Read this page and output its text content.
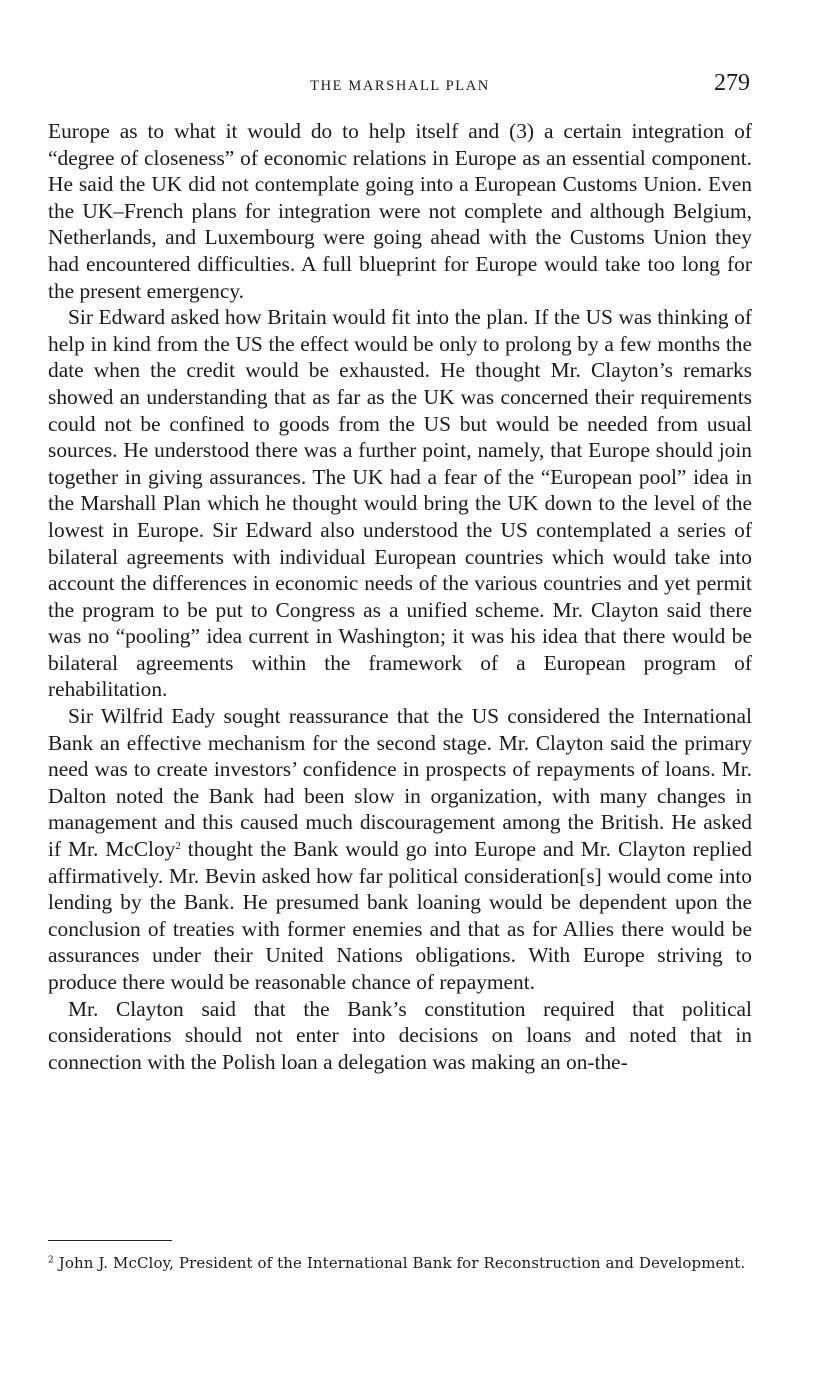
THE MARSHALL PLAN	279

Europe as to what it would do to help itself and (3) a certain integration of “degree of closeness” of economic relations in Europe as an essential component. He said the UK did not contemplate going into a European Customs Union. Even the UK–French plans for integration were not complete and although Belgium, Netherlands, and Luxembourg were going ahead with the Customs Union they had encountered difficulties. A full blueprint for Europe would take too long for the present emergency.

Sir Edward asked how Britain would fit into the plan. If the US was thinking of help in kind from the US the effect would be only to prolong by a few months the date when the credit would be exhausted. He thought Mr. Clayton’s remarks showed an understanding that as far as the UK was concerned their requirements could not be confined to goods from the US but would be needed from usual sources. He understood there was a further point, namely, that Europe should join together in giving assurances. The UK had a fear of the “European pool” idea in the Marshall Plan which he thought would bring the UK down to the level of the lowest in Europe. Sir Edward also understood the US contemplated a series of bilateral agreements with individual European countries which would take into account the differences in economic needs of the various countries and yet permit the program to be put to Congress as a unified scheme. Mr. Clayton said there was no “pooling” idea current in Washington; it was his idea that there would be bilateral agreements within the framework of a European program of rehabilitation.

Sir Wilfrid Eady sought reassurance that the US considered the International Bank an effective mechanism for the second stage. Mr. Clayton said the primary need was to create investors’ confidence in prospects of repayments of loans. Mr. Dalton noted the Bank had been slow in organization, with many changes in management and this caused much discouragement among the British. He asked if Mr. McCloy$^2$ thought the Bank would go into Europe and Mr. Clayton replied affirmatively. Mr. Bevin asked how far political consideration[s] would come into lending by the Bank. He presumed bank loaning would be dependent upon the conclusion of treaties with former enemies and that as for Allies there would be assurances under their United Nations obligations. With Europe striving to produce there would be reasonable chance of repayment.

Mr. Clayton said that the Bank’s constitution required that political considerations should not enter into decisions on loans and noted that in connection with the Polish loan a delegation was making an on-the-

$^2$ John J. McCloy, President of the International Bank for Reconstruction and Development.
